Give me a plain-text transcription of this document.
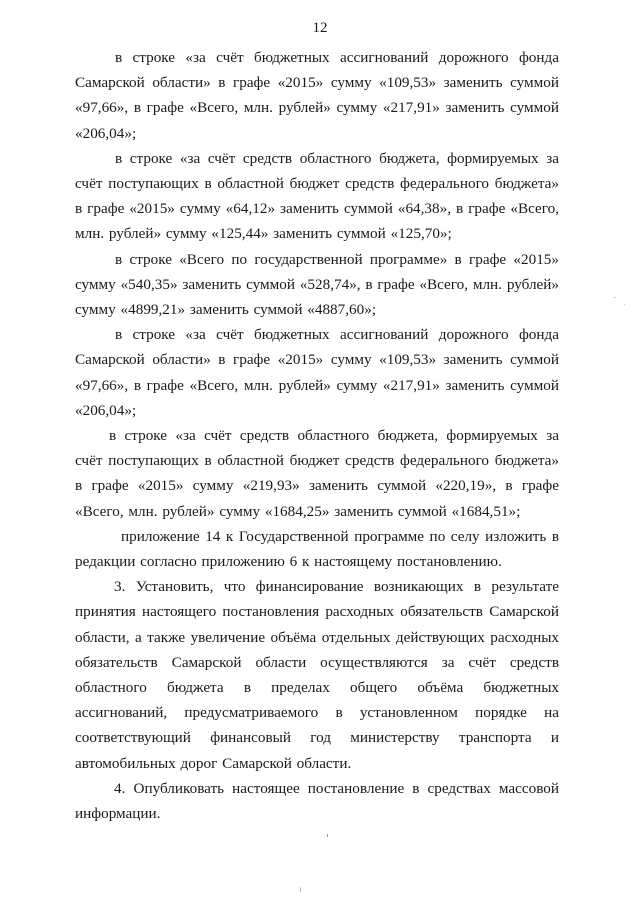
12

в строке «за счёт бюджетных ассигнований дорожного фонда Самарской области» в графе «2015» сумму «109,53» заменить суммой «97,66», в графе «Всего, млн. рублей» сумму «217,91» заменить суммой «206,04»;

в строке «за счёт средств областного бюджета, формируемых за счёт поступающих в областной бюджет средств федерального бюджета» в графе «2015» сумму «64,12» заменить суммой «64,38», в графе «Всего, млн. рублей» сумму «125,44» заменить суммой «125,70»;

в строке «Всего по государственной программе» в графе «2015» сумму «540,35» заменить суммой «528,74», в графе «Всего, млн. рублей» сумму «4899,21» заменить суммой «4887,60»;

в строке «за счёт бюджетных ассигнований дорожного фонда Самарской области» в графе «2015» сумму «109,53» заменить суммой «97,66», в графе «Всего, млн. рублей» сумму «217,91» заменить суммой «206,04»;

в строке «за счёт средств областного бюджета, формируемых за счёт поступающих в областной бюджет средств федерального бюджета» в графе «2015» сумму «219,93» заменить суммой «220,19», в графе «Всего, млн. рублей» сумму «1684,25» заменить суммой «1684,51»;

приложение 14 к Государственной программе по селу изложить в редакции согласно приложению 6 к настоящему постановлению.

3. Установить, что финансирование возникающих в результате принятия настоящего постановления расходных обязательств Самарской области, а также увеличение объёма отдельных действующих расходных обязательств Самарской области осуществляются за счёт средств областного бюджета в пределах общего объёма бюджетных ассигнований, предусматриваемого в установленном порядке на соответствующий финансовый год министерству транспорта и автомобильных дорог Самарской области.

4. Опубликовать настоящее постановление в средствах массовой информации.
